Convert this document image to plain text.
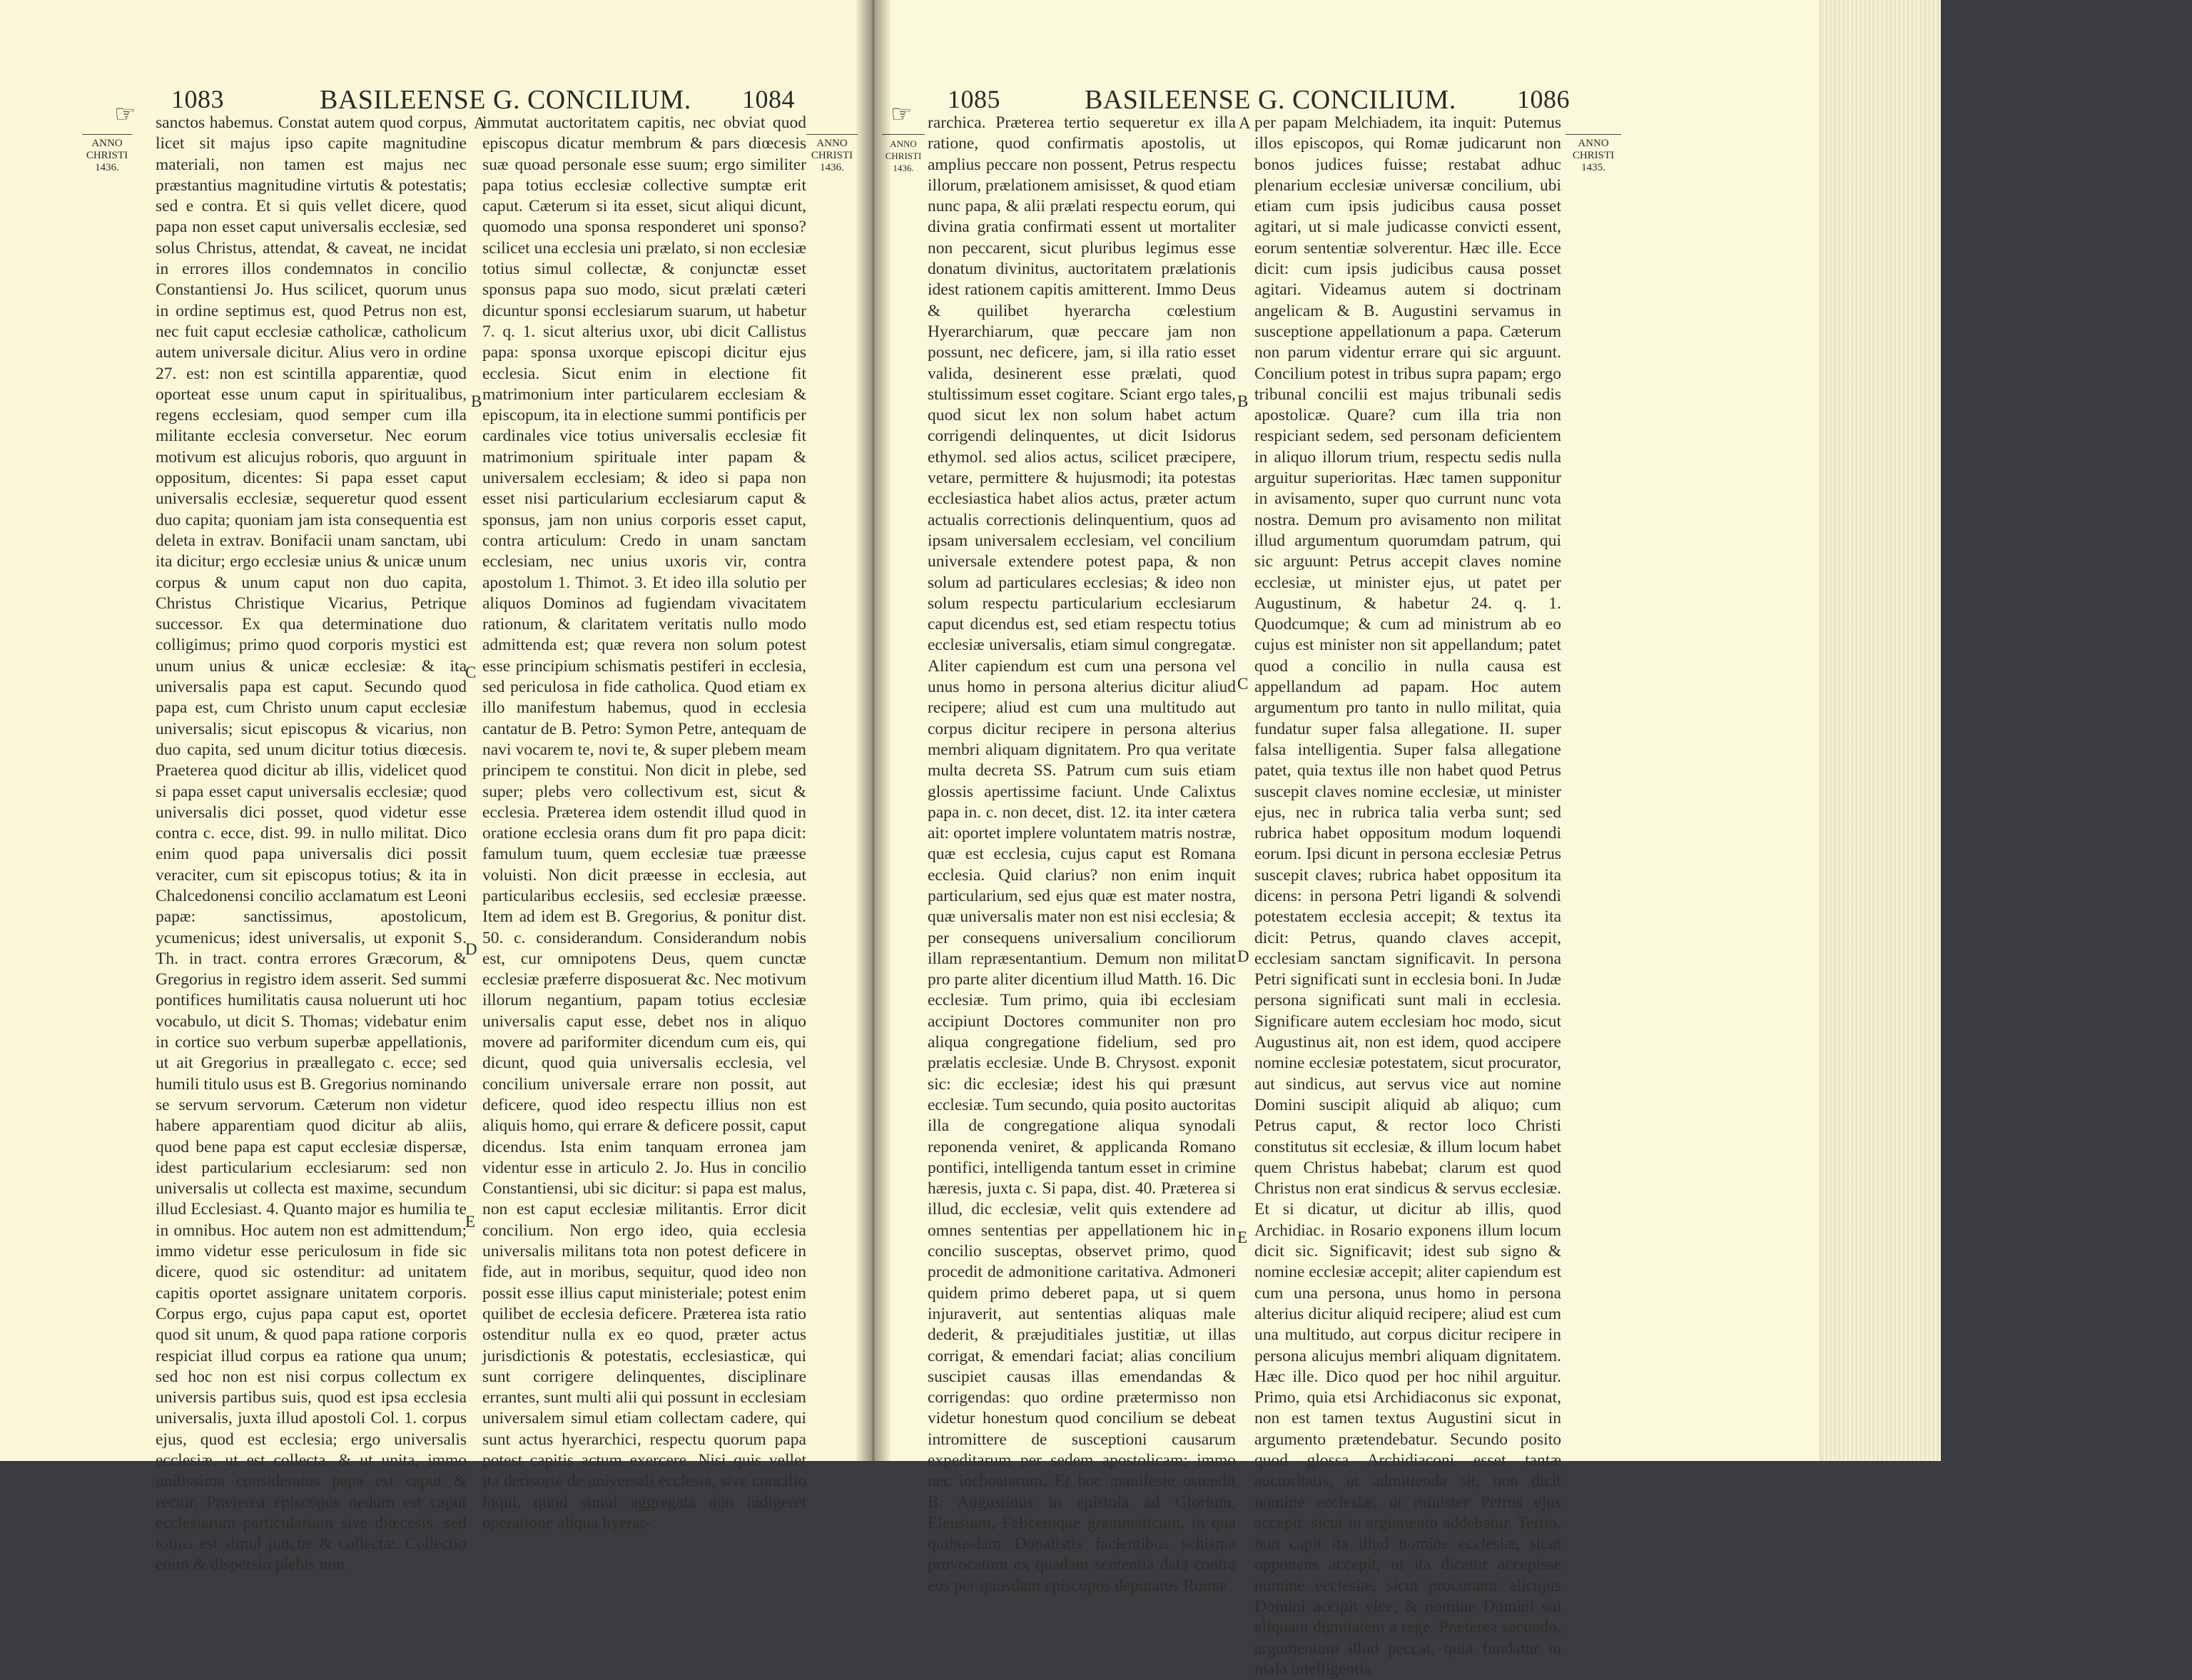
☞
1083	BASILEENSE G. CONCILIUM. 1084
☞
1085	BASILEENSE G. CONCILIUM. 1086
ANNO CHRISTI 1436.
ANNO CHRISTI 1436.
ANNO CHRISTI 1436.
ANNO CHRISTI 1435.
A
B
C
D
E
A
B
C
D
E

sanctos habemus. Constat autem quod corpus, licet sit majus ipso capite magnitudine materiali, non tamen est majus nec præstantius magnitudine virtutis & potestatis; sed e contra. Et si quis vellet dicere, quod papa non esset caput universalis ecclesiæ, sed solus Christus, attendat, & caveat, ne incidat in errores illos condemnatos in concilio Constantiensi Jo. Hus scilicet, quorum unus in ordine septimus est, quod Petrus non est, nec fuit caput ecclesiæ catholicæ, catholicum autem universale dicitur. Alius vero in ordine 27. est: non est scintilla apparentiæ, quod oporteat esse unum caput in spiritualibus, regens ecclesiam, quod semper cum illa militante ecclesia conversetur. Nec eorum motivum est alicujus roboris, quo arguunt in oppositum, dicentes: Si papa esset caput universalis ecclesiæ, sequeretur quod essent duo capita; quoniam jam ista consequentia est deleta in extrav. Bonifacii unam sanctam, ubi ita dicitur; ergo ecclesiæ unius & unicæ unum corpus & unum caput non duo capita, Christus Christique Vicarius, Petrique successor. Ex qua determinatione duo colligimus; primo quod corporis mystici est unum unius & unicæ ecclesiæ: & ita universalis papa est caput. Secundo quod papa est, cum Christo unum caput ecclesiæ universalis; sicut episcopus & vicarius, non duo capita, sed unum dicitur totius diœcesis. Praeterea quod dicitur ab illis, videlicet quod si papa esset caput universalis ecclesiæ; quod universalis dici posset, quod videtur esse contra c. ecce, dist. 99. in nullo militat. Dico enim quod papa universalis dici possit veraciter, cum sit episcopus totius; & ita in Chalcedonensi concilio acclamatum est Leoni papæ: sanctissimus, apostolicum, ycumenicus; idest universalis, ut exponit S. Th. in tract. contra errores Græcorum, & Gregorius in registro idem asserit. Sed summi pontifices humilitatis causa noluerunt uti hoc vocabulo, ut dicit S. Thomas; videbatur enim in cortice suo verbum superbæ appellationis, ut ait Gregorius in præallegato c. ecce; sed humili titulo usus est B. Gregorius nominando se servum servorum. Cæterum non videtur habere apparentiam quod dicitur ab aliis, quod bene papa est caput ecclesiæ dispersæ, idest particularium ecclesiarum: sed non universalis ut collecta est maxime, secundum illud Ecclesiast. 4. Quanto major es humilia te in omnibus. Hoc autem non est admittendum; immo videtur esse periculosum in fide sic dicere, quod sic ostenditur: ad unitatem capitis oportet assignare unitatem corporis. Corpus ergo, cujus papa caput est, oportet quod sit unum, & quod papa ratione corporis respiciat illud corpus ea ratione qua unum; sed hoc non est nisi corpus collectum ex universis partibus suis, quod est ipsa ecclesia universalis, juxta illud apostoli Col. 1. corpus ejus, quod est ecclesia; ergo universalis ecclesiæ, ut est collecta, & ut unita, immo unitissima consideratus papa est caput & rector. Præterea episcopus nedum est caput ecclesiarum particularium sive diœcesis, sed totius est simul junctæ & collectæ. Collectio enim & dispersio plebis non

immutat auctoritatem capitis, nec obviat quod episcopus dicatur membrum & pars diœcesis suæ quoad personale esse suum; ergo similiter papa totius ecclesiæ collective sumptæ erit caput. Cæterum si ita esset, sicut aliqui dicunt, quomodo una sponsa responderet uni sponso? scilicet una ecclesia uni prælato, si non ecclesiæ totius simul collectæ, & conjunctæ esset sponsus papa suo modo, sicut prælati cæteri dicuntur sponsi ecclesiarum suarum, ut habetur 7. q. 1. sicut alterius uxor, ubi dicit Callistus papa: sponsa uxorque episcopi dicitur ejus ecclesia. Sicut enim in electione fit matrimonium inter particularem ecclesiam & episcopum, ita in electione summi pontificis per cardinales vice totius universalis ecclesiæ fit matrimonium spirituale inter papam & universalem ecclesiam; & ideo si papa non esset nisi particularium ecclesiarum caput & sponsus, jam non unius corporis esset caput, contra articulum: Credo in unam sanctam ecclesiam, nec unius uxoris vir, contra apostolum 1. Thimot. 3. Et ideo illa solutio per aliquos Dominos ad fugiendam vivacitatem rationum, & claritatem veritatis nullo modo admittenda est; quæ revera non solum potest esse principium schismatis pestiferi in ecclesia, sed periculosa in fide catholica. Quod etiam ex illo manifestum habemus, quod in ecclesia cantatur de B. Petro: Symon Petre, antequam de navi vocarem te, novi te, & super plebem meam principem te constitui. Non dicit in plebe, sed super; plebs vero collectivum est, sicut & ecclesia. Præterea idem ostendit illud quod in oratione ecclesia orans dum fit pro papa dicit: famulum tuum, quem ecclesiæ tuæ præesse voluisti. Non dicit præesse in ecclesia, aut particularibus ecclesiis, sed ecclesiæ præesse. Item ad idem est B. Gregorius, & ponitur dist. 50. c. considerandum. Considerandum nobis est, cur omnipotens Deus, quem cunctæ ecclesiæ præferre disposuerat &c. Nec motivum illorum negantium, papam totius ecclesiæ universalis caput esse, debet nos in aliquo movere ad pariformiter dicendum cum eis, qui dicunt, quod quia universalis ecclesia, vel concilium universale errare non possit, aut deficere, quod ideo respectu illius non est aliquis homo, qui errare & deficere possit, caput dicendus. Ista enim tanquam erronea jam videntur esse in articulo 2. Jo. Hus in concilio Constantiensi, ubi sic dicitur: si papa est malus, non est caput ecclesiæ militantis. Error dicit concilium. Non ergo ideo, quia ecclesia universalis militans tota non potest deficere in fide, aut in moribus, sequitur, quod ideo non possit esse illius caput ministeriale; potest enim quilibet de ecclesia deficere. Præterea ista ratio ostenditur nulla ex eo quod, præter actus jurisdictionis & potestatis, ecclesiasticæ, qui sunt corrigere delinquentes, disciplinare errantes, sunt multi alii qui possunt in ecclesiam universalem simul etiam collectam cadere, qui sunt actus hyerarchici, respectu quorum papa potest capitis actum exercere. Nisi quis vellet ita derisorie de universali ecclesia, sive concilio loqui, quod simul aggregata non indigeret operatione aliqua hyerar-

rarchica. Præterea tertio sequeretur ex illa ratione, quod confirmatis apostolis, ut amplius peccare non possent, Petrus respectu illorum, prælationem amisisset, & quod etiam nunc papa, & alii prælati respectu eorum, qui divina gratia confirmati essent ut mortaliter non peccarent, sicut pluribus legimus esse donatum divinitus, auctoritatem prælationis idest rationem capitis amitterent. Immo Deus & quilibet hyerarcha cœlestium Hyerarchiarum, quæ peccare jam non possunt, nec deficere, jam, si illa ratio esset valida, desinerent esse prælati, quod stultissimum esset cogitare. Sciant ergo tales, quod sicut lex non solum habet actum corrigendi delinquentes, ut dicit Isidorus ethymol. sed alios actus, scilicet præcipere, vetare, permittere & hujusmodi; ita potestas ecclesiastica habet alios actus, præter actum actualis correctionis delinquentium, quos ad ipsam universalem ecclesiam, vel concilium universale extendere potest papa, & non solum ad particulares ecclesias; & ideo non solum respectu particularium ecclesiarum caput dicendus est, sed etiam respectu totius ecclesiæ universalis, etiam simul congregatæ. Aliter capiendum est cum una persona vel unus homo in persona alterius dicitur aliud recipere; aliud est cum una multitudo aut corpus dicitur recipere in persona alterius membri aliquam dignitatem. Pro qua veritate multa decreta SS. Patrum cum suis etiam glossis apertissime faciunt. Unde Calixtus papa in. c. non decet, dist. 12. ita inter cætera ait: oportet implere voluntatem matris nostræ, quæ est ecclesia, cujus caput est Romana ecclesia. Quid clarius? non enim inquit particularium, sed ejus quæ est mater nostra, quæ universalis mater non est nisi ecclesia; & per consequens universalium conciliorum illam repræsentantium. Demum non militat pro parte aliter dicentium illud Matth. 16. Dic ecclesiæ. Tum primo, quia ibi ecclesiam accipiunt Doctores communiter non pro aliqua congregatione fidelium, sed pro prælatis ecclesiæ. Unde B. Chrysost. exponit sic: dic ecclesiæ; idest his qui præsunt ecclesiæ. Tum secundo, quia posito auctoritas illa de congregatione aliqua synodali reponenda veniret, & applicanda Romano pontifici, intelligenda tantum esset in crimine hæresis, juxta c. Si papa, dist. 40. Præterea si illud, dic ecclesiæ, velit quis extendere ad omnes sententias per appellationem hic in concilio susceptas, observet primo, quod procedit de admonitione caritativa. Admoneri quidem primo deberet papa, ut si quem injuraverit, aut sententias aliquas male dederit, & præjuditiales justitiæ, ut illas corrigat, & emendari faciat; alias concilium suscipiet causas illas emendandas & corrigendas: quo ordine prætermisso non videtur honestum quod concilium se debeat intromittere de susceptioni causarum expeditarum per sedem apostolicam; immo nec inchoatarum. Et hoc manifeste ostendit B. Augustinus in epistola ad Glorium, Eleusium, Felicemque grammaticum, in qua quibusdam Donatistis facientibus schisma provocatum ex quadam sententia data contra eos per quosdam episcopos deputatos Romæ

per papam Melchiadem, ita inquit: Putemus illos episcopos, qui Romæ judicarunt non bonos judices fuisse; restabat adhuc plenarium ecclesiæ universæ concilium, ubi etiam cum ipsis judicibus causa posset agitari, ut si male judicasse convicti essent, eorum sententiæ solverentur. Hæc ille. Ecce dicit: cum ipsis judicibus causa posset agitari. Videamus autem si doctrinam angelicam & B. Augustini servamus in susceptione appellationum a papa. Cæterum non parum videntur errare qui sic arguunt. Concilium potest in tribus supra papam; ergo tribunal concilii est majus tribunali sedis apostolicæ. Quare? cum illa tria non respiciant sedem, sed personam deficientem in aliquo illorum trium, respectu sedis nulla arguitur superioritas. Hæc tamen supponitur in avisamento, super quo currunt nunc vota nostra. Demum pro avisamento non militat illud argumentum quorumdam patrum, qui sic arguunt: Petrus accepit claves nomine ecclesiæ, ut minister ejus, ut patet per Augustinum, & habetur 24. q. 1. Quodcumque; & cum ad ministrum ab eo cujus est minister non sit appellandum; patet quod a concilio in nulla causa est appellandum ad papam. Hoc autem argumentum pro tanto in nullo militat, quia fundatur super falsa allegatione. II. super falsa intelligentia. Super falsa allegatione patet, quia textus ille non habet quod Petrus suscepit claves nomine ecclesiæ, ut minister ejus, nec in rubrica talia verba sunt; sed rubrica habet oppositum modum loquendi eorum. Ipsi dicunt in persona ecclesiæ Petrus suscepit claves; rubrica habet oppositum ita dicens: in persona Petri ligandi & solvendi potestatem ecclesia accepit; & textus ita dicit: Petrus, quando claves accepit, ecclesiam sanctam significavit. In persona Petri significati sunt in ecclesia boni. In Judæ persona significati sunt mali in ecclesia. Significare autem ecclesiam hoc modo, sicut Augustinus ait, non est idem, quod accipere nomine ecclesiæ potestatem, sicut procurator, aut sindicus, aut servus vice aut nomine Domini suscipit aliquid ab aliquo; cum Petrus caput, & rector loco Christi constitutus sit ecclesiæ, & illum locum habet quem Christus habebat; clarum est quod Christus non erat sindicus & servus ecclesiæ. Et si dicatur, ut dicitur ab illis, quod Archidiac. in Rosario exponens illum locum dicit sic. Significavit; idest sub signo & nomine ecclesiæ accepit; aliter capiendum est cum una persona, unus homo in persona alterius dicitur aliquid recipere; aliud est cum una multitudo, aut corpus dicitur recipere in persona alicujus membri aliquam dignitatem. Hæc ille. Dico quod per hoc nihil arguitur. Primo, quia etsi Archidiaconus sic exponat, non est tamen textus Augustini sicut in argumento prætendebatur. Secundo posito quod glossa Archidiaconi esset tantæ auctoritatis, ut admittenda sit, non dicit nomine ecclesiæ, ut minister Petrus ejus accepit, sicut in argumento addebatur. Tertio, non capit ita illud nomine ecclesiæ, sicut opponens accepit, ut ita dicatur accepisse nomine ecclesiæ, sicut procurator alicujus Domini accipit vice, & nomine Domini sui aliquam dignitatem a rege. Præterea secundo, argumentum illud peccat, quia fundatur in mala intelligentia
